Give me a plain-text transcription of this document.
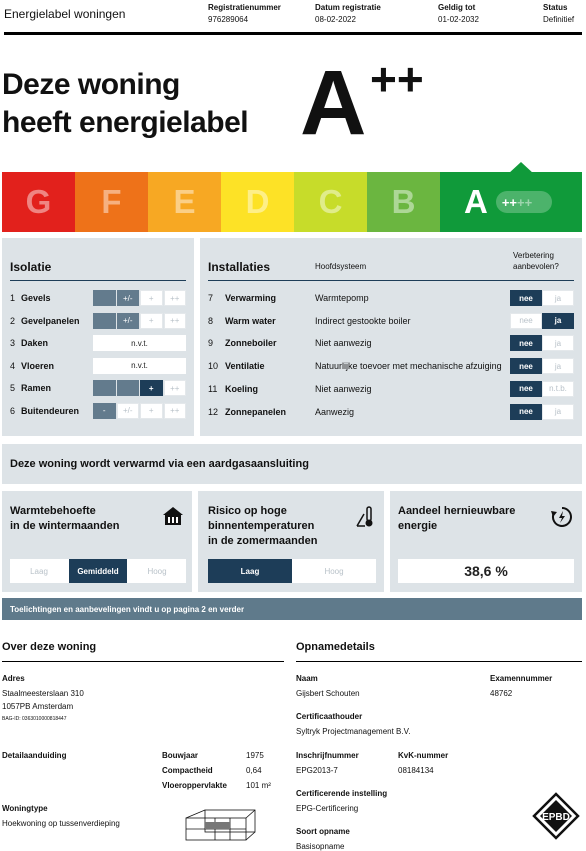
Energielabel woningen	Registratienummer
976289064
Datum registratie
08-02-2022
Geldig tot
01-02-2032
Status
Definitief
Deze woning
heeft energielabel A ++
G F E D C B A ++ ++
Isolatie
1 Gevels	+/-	+	++
2 Gevelpanelen	+/-	+	++
3 Daken	n.v.t.
4 Vloeren	n.v.t.
5 Ramen	+	++
6 Buitendeuren	-	+/-	+	++
Installaties	Hoofdsysteem
Verbetering
aanbevolen?
7 Verwarming	Warmtepomp	nee	ja
8 Warm water	Indirect gestookte boiler	nee	ja
9 Zonneboiler	Niet aanwezig	nee	ja
10 Ventilatie	Natuurlijke toevoer met mechanische afzuiging	nee	ja
11 Koeling	Niet aanwezig	nee	n.t.b.
12 Zonnepanelen	Aanwezig	nee	ja
Deze woning wordt verwarmd via een aardgasaansluiting
Warmtebehoefte
in de wintermaanden
Laag	Gemiddeld	Hoog
Risico op hoge
binnentemperaturen
in de zomermaanden
Laag	Hoog
Aandeel hernieuwbare
energie
38,6 %
Toelichtingen en aanbevelingen vindt u op pagina 2 en verder
Over deze woning
Adres
Staalmeesterslaan 310
1057PB Amsterdam
BAG-ID: 0363010000818447
Detailaanduiding	Bouwjaar	1975
Compactheid	0,64
Vloeroppervlakte 101 m²
Woningtype
Hoekwoning op tussenverdieping
Opnamedetails
Naam
Gijsbert Schouten
Examennummer
48762
Certificaathouder
Syltryk Projectmanagement B.V.
Inschrijfnummer
EPG2013-7
KvK-nummer
08184134
Certificerende instelling
EPG-Certificering
Soort opname
Basisopname
EPBD
